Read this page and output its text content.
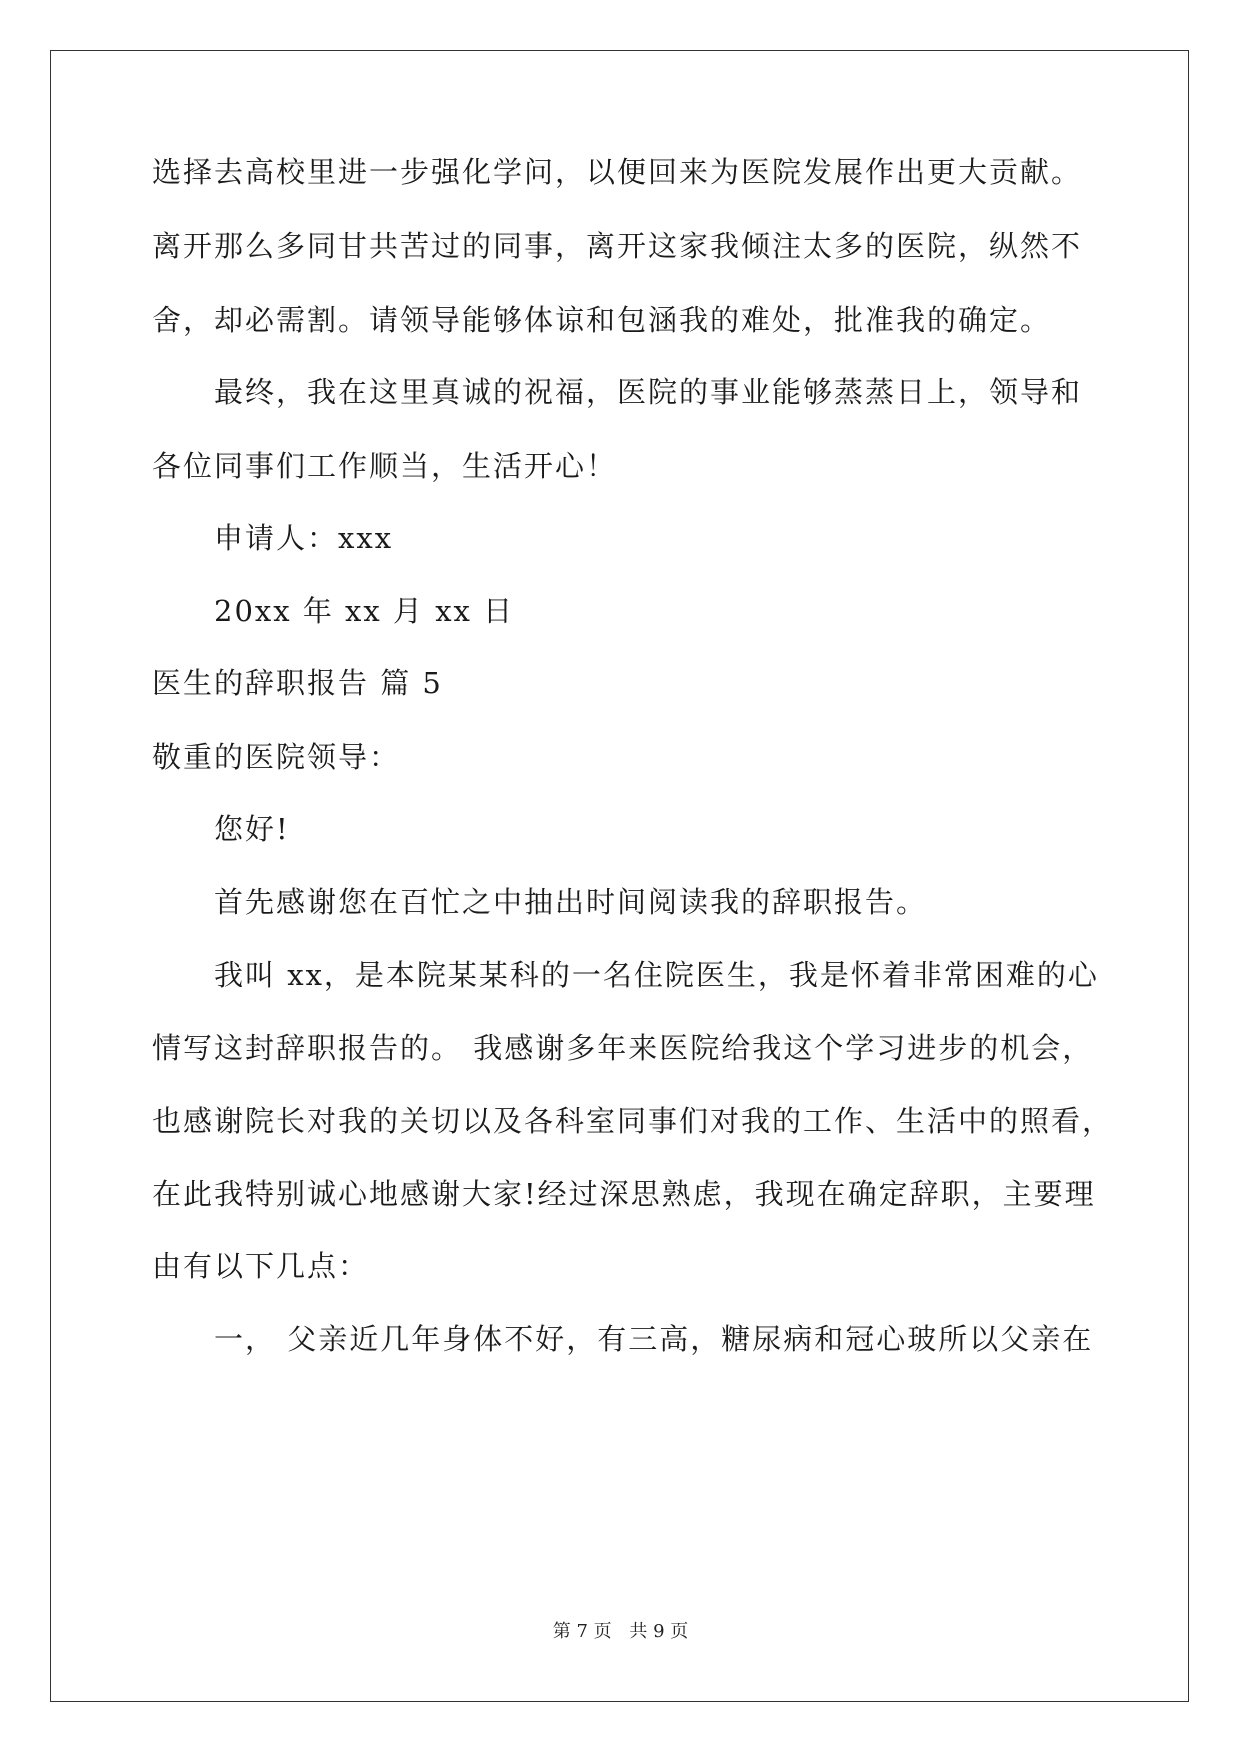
选择去高校里进一步强化学问，以便回来为医院发展作出更大贡献。
离开那么多同甘共苦过的同事，离开这家我倾注太多的医院，纵然不
舍，却必需割。请领导能够体谅和包涵我的难处，批准我的确定。
最终，我在这里真诚的祝福，医院的事业能够蒸蒸日上，领导和
各位同事们工作顺当，生活开心！
申请人：xxx
20xx 年 xx 月 xx 日
医生的辞职报告 篇 5
敬重的医院领导：
您好!
首先感谢您在百忙之中抽出时间阅读我的辞职报告。
我叫 xx，是本院某某科的一名住院医生，我是怀着非常困难的心
情写这封辞职报告的。 我感谢多年来医院给我这个学习进步的机会，
也感谢院长对我的关切以及各科室同事们对我的工作、生活中的照看，
在此我特别诚心地感谢大家!经过深思熟虑，我现在确定辞职，主要理
由有以下几点：
一， 父亲近几年身体不好，有三高，糖尿病和冠心玻所以父亲在
第 7 页 共 9 页
